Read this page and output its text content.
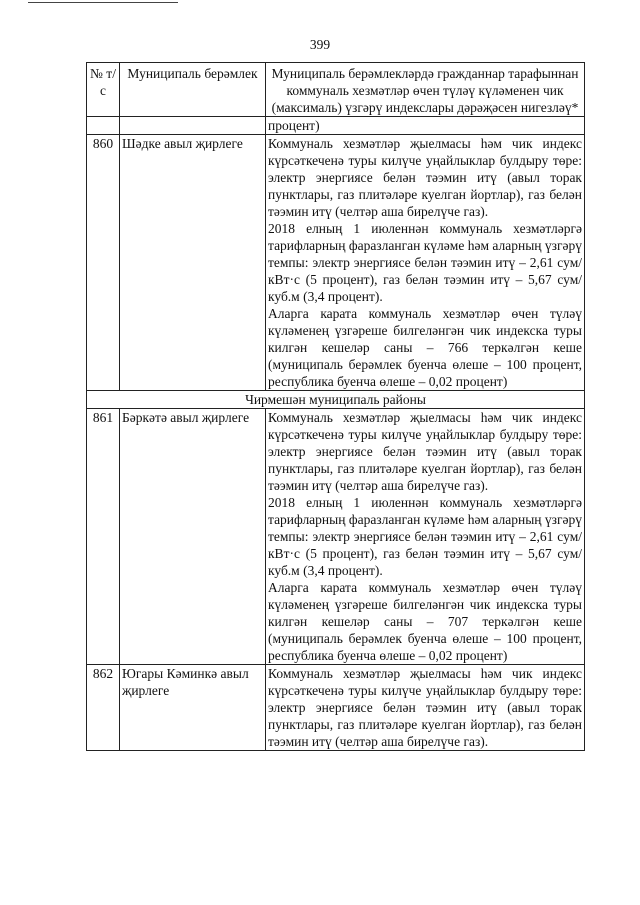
399
№ т/с	Муниципаль берәмлек	Муниципаль берәмлекләрдә гражданнар тарафыннан коммуналь хезмәтләр өчен түләү күләменен чик (максималь) үзгәрү индекслары дәрәҗәсен нигезләү*
		процент)
860	Шәдке авыл җирлеге	Коммуналь хезмәтләр җыелмасы һәм чик индекс күрсәткеченә туры килүче уңайлыклар булдыру төре: электр энергиясе белән тәэмин итү (авыл торак пунктлары, газ плитәләре куелган йортлар), газ белән тәэмин итү (челтәр аша бирелүче газ).

2018 елның 1 июленнән коммуналь хезмәтләргә тарифларның фаразланган күләме һәм аларның үзгәрү темпы: электр энергиясе белән тәэмин итү – 2,61 сум/кВт·с (5 процент), газ белән тәэмин итү – 5,67 сум/куб.м (3,4 процент).

Аларга карата коммуналь хезмәтләр өчен түләү күләменең үзгәреше билгеләнгән чик индекска туры килгән кешеләр саны – 766 теркәлгән кеше (муниципаль берәмлек буенча өлеше – 100 процент, республика буенча өлеше – 0,02 процент)

Чирмешән муниципаль районы		
861	Бәркәтә авыл җирлеге	Коммуналь хезмәтләр җыелмасы һәм чик индекс күрсәткеченә туры килүче уңайлыклар булдыру төре: электр энергиясе белән тәэмин итү (авыл торак пунктлары, газ плитәләре куелган йортлар), газ белән тәэмин итү (челтәр аша бирелүче газ).

2018 елның 1 июленнән коммуналь хезмәтләргә тарифларның фаразланган күләме һәм аларның үзгәрү темпы: электр энергиясе белән тәэмин итү – 2,61 сум/кВт·с (5 процент), газ белән тәэмин итү – 5,67 сум/куб.м (3,4 процент).

Аларга карата коммуналь хезмәтләр өчен түләү күләменең үзгәреше билгеләнгән чик индекска туры килгән кешеләр саны – 707 теркәлгән кеше (муниципаль берәмлек буенча өлеше – 100 процент, республика буенча өлеше – 0,02 процент)

862	Югары Кәминкә авыл җирлеге	Коммуналь хезмәтләр җыелмасы һәм чик индекс күрсәткеченә туры килүче уңайлыклар булдыру төре: электр энергиясе белән тәэмин итү (авыл торак пунктлары, газ плитәләре куелган йортлар), газ белән тәэмин итү (челтәр аша бирелүче газ).
